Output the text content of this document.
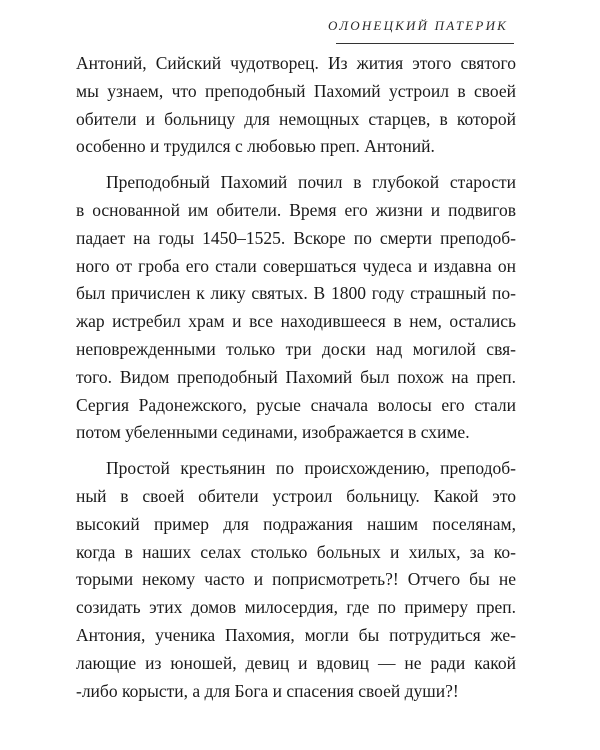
ОЛОНЕЦКИЙ ПАТЕРИК
Антоний, Сийский чудотворец. Из жития этого святого
мы узнаем, что преподобный Пахомий устроил в своей
обители и больницу для немощных старцев, в которой
особенно и трудился с любовью преп. Антоний.
Преподобный Пахомий почил в глубокой старости
в основанной им обители. Время его жизни и подвигов
падает на годы 1450–1525. Вскоре по смерти преподоб-
ного от гроба его стали совершаться чудеса и издавна он
был причислен к лику святых. В 1800 году страшный по-
жар истребил храм и все находившееся в нем, остались
неповрежденными только три доски над могилой свя-
того. Видом преподобный Пахомий был похож на преп.
Сергия Радонежского, русые сначала волосы его стали
потом убеленными сединами, изображается в схиме.
Простой крестьянин по происхождению, преподоб-
ный в своей обители устроил больницу. Какой это
высокий пример для подражания нашим поселянам,
когда в наших селах столько больных и хилых, за ко-
торыми некому часто и поприсмотреть?! Отчего бы не
созидать этих домов милосердия, где по примеру преп.
Антония, ученика Пахомия, могли бы потрудиться же-
лающие из юношей, девиц и вдовиц — не ради какой
-либо корысти, а для Бога и спасения своей души?!
